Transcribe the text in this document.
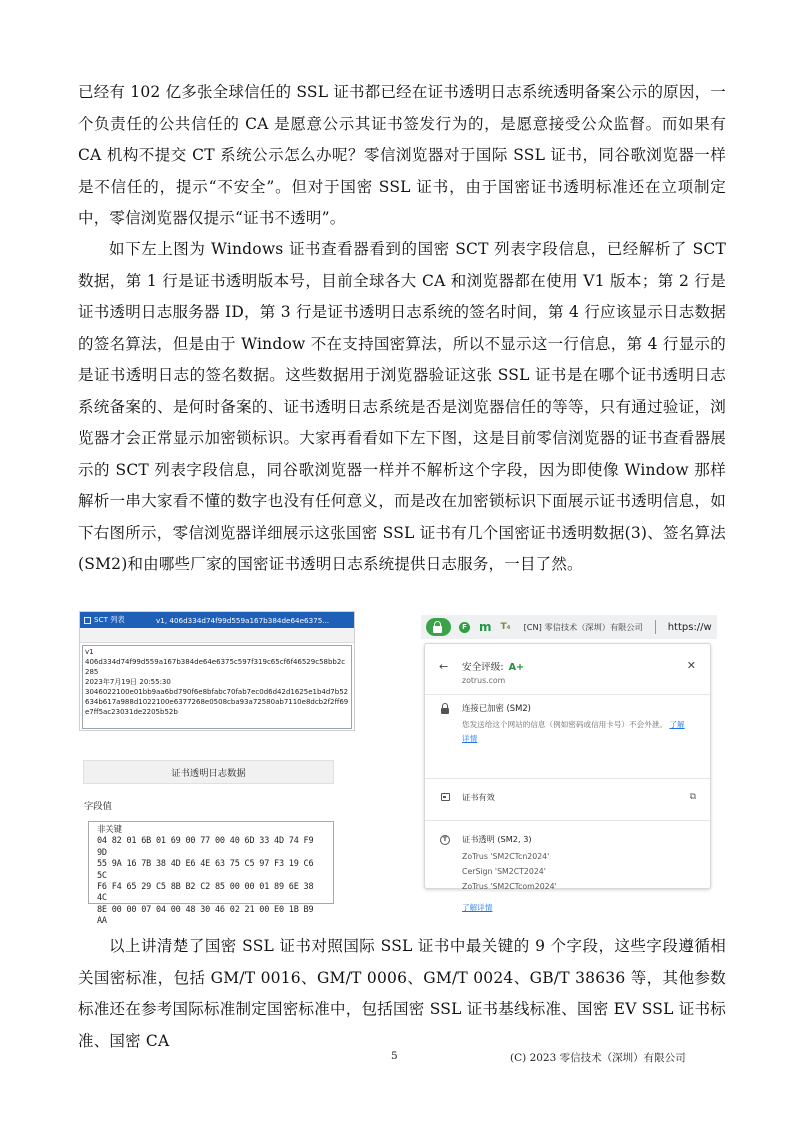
已经有 102 亿多张全球信任的 SSL 证书都已经在证书透明日志系统透明备案公示的原因，一个负责任的公共信任的 CA 是愿意公示其证书签发行为的，是愿意接受公众监督。而如果有 CA 机构不提交 CT 系统公示怎么办呢？零信浏览器对于国际 SSL 证书，同谷歌浏览器一样是不信任的，提示“不安全”。但对于国密 SSL 证书，由于国密证书透明标准还在立项制定中，零信浏览器仅提示“证书不透明”。

如下左上图为 Windows 证书查看器看到的国密 SCT 列表字段信息，已经解析了 SCT 数据，第 1 行是证书透明版本号，目前全球各大 CA 和浏览器都在使用 V1 版本；第 2 行是证书透明日志服务器 ID，第 3 行是证书透明日志系统的签名时间，第 4 行应该显示日志数据的签名算法，但是由于 Window 不在支持国密算法，所以不显示这一行信息，第 4 行显示的是证书透明日志的签名数据。这些数据用于浏览器验证这张 SSL 证书是在哪个证书透明日志系统备案的、是何时备案的、证书透明日志系统是否是浏览器信任的等等，只有通过验证，浏览器才会正常显示加密锁标识。大家再看看如下左下图，这是目前零信浏览器的证书查看器展示的 SCT 列表字段信息，同谷歌浏览器一样并不解析这个字段，因为即使像 Window 那样解析一串大家看不懂的数字也没有任何意义，而是改在加密锁标识下面展示证书透明信息，如下右图所示，零信浏览器详细展示这张国密 SSL 证书有几个国密证书透明数据(3)、签名算法(SM2)和由哪些厂家的国密证书透明日志系统提供日志服务，一目了然。

SCT 列表	v1, 406d334d74f99d559a167b384de64e6375...
v1
406d334d74f99d559a167b384de64e6375c597f319c65cf6f46529c58bb2c285
2023年7月19日 20:55:30
3046022100e01bb9aa6bd790f6e8bfabc70fab7ec0d6d42d1625e1b4d7b52634b617a988d1022100e6377268e0508cba93a72580ab7110e8dcb2f2ff69e7ff5ac23031de2205b52b
证书透明日志数据
字段值
非关键
04 82 01 6B 01 69 00 77 00 40 6D 33 4D 74 F9 9D
55 9A 16 7B 38 4D E6 4E 63 75 C5 97 F3 19 C6 5C
F6 F4 65 29 C5 8B B2 C2 85 00 00 01 89 6E 38 4C
8E 00 00 07 04 00 48 30 46 02 21 00 E0 1B B9 AA
F m T₄ [CN] 零信技术（深圳）有限公司	https://w
← 安全评级: A+
zotrus.com
✕
连接已加密 (SM2)
您发送给这个网站的信息（例如密码或信用卡号）不会外泄。 了解详情
证书有效	⧉
T	证书透明 (SM2, 3)
ZoTrus 'SM2CTcn2024'
CerSign 'SM2CT2024'
ZoTrus 'SM2CTcom2024'
了解详情

以上讲清楚了国密 SSL 证书对照国际 SSL 证书中最关键的 9 个字段，这些字段遵循相关国密标准，包括 GM/T 0016、GM/T 0006、GM/T 0024、GB/T 38636 等，其他参数标准还在参考国际标准制定国密标准中，包括国密 SSL 证书基线标准、国密 EV SSL 证书标准、国密 CA

5	(C) 2023 零信技术（深圳）有限公司
